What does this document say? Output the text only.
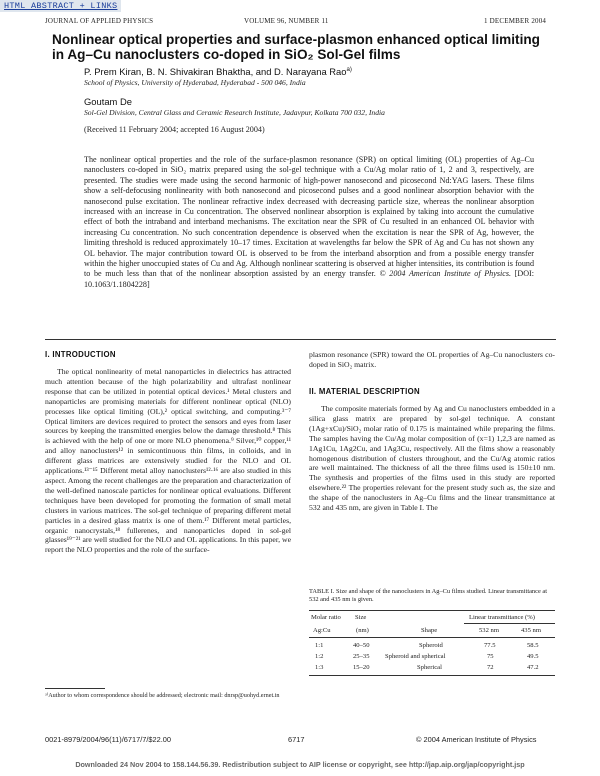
HTML ABSTRACT + LINKS
JOURNAL OF APPLIED PHYSICS	VOLUME 96, NUMBER 11	1 DECEMBER 2004
Nonlinear optical properties and surface-plasmon enhanced optical limiting
in Ag–Cu nanoclusters co-doped in SiO₂ Sol-Gel films
P. Prem Kiran, B. N. Shivakiran Bhaktha, and D. Narayana Rao$^{a)}$
School of Physics, University of Hyderabad, Hyderabad - 500 046, India
Goutam De
Sol-Gel Division, Central Glass and Ceramic Research Institute, Jadavpur, Kolkata 700 032, India
(Received 11 February 2004; accepted 16 August 2004)
The nonlinear optical properties and the role of the surface-plasmon resonance (SPR) on optical limiting (OL) properties of Ag–Cu nanoclusters co-doped in SiO₂ matrix prepared using the sol-gel technique with a Cu/Ag molar ratio of 1, 2 and 3, respectively, are presented. The studies were made using the second harmonic of high-power nanosecond and picosecond Nd:YAG lasers. These films show a self-defocusing nonlinearity with both nanosecond and picosecond pulses and a good nonlinear absorption behavior with the nanosecond pulse excitation. The nonlinear refractive index decreased with decreasing particle size, whereas the nonlinear absorption increased with an increase in Cu concentration. The observed nonlinear absorption is explained by taking into account the cumulative effect of both the intraband and interband mechanisms. The excitation near the SPR of Cu resulted in an enhanced OL behavior with increasing Cu concentration. No such concentration dependence is observed when the excitation is near the SPR of Ag, however, the limiting threshold is reduced approximately 10–17 times. Excitation at wavelengths far below the SPR of Ag and Cu has not shown any OL behavior. The major contribution toward OL is observed to be from the interband absorption and from a possible energy transfer within the higher unoccupied states of Cu and Ag. Although nonlinear scattering is observed at higher intensities, its contribution is found to be much less than that of the nonlinear absorption assisted by an energy transfer. © 2004 American Institute of Physics. [DOI: 10.1063/1.1804228]
I. INTRODUCTION
The optical nonlinearity of metal nanoparticles in dielectrics has attracted much attention because of the high polarizability and ultrafast nonlinear response that can be utilized in potential optical devices.¹ Metal clusters and nanoparticles are promising materials for different nonlinear optical (NLO) processes like optical limiting (OL),² optical switching, and computing.³⁻⁷ Optical limiters are devices required to protect the sensors and eyes from laser sources by keeping the transmitted energies below the damage threshold.⁸ This is achieved with the help of one or more NLO phenomena.⁹ Silver,¹⁰ copper,¹¹ and alloy nanoclusters¹² in semicontinuous thin films, in colloids, and in different glass matrices are extensively studied for the NLO and OL applications.¹³⁻¹⁵ Different metal alloy nanoclusters¹²·¹⁶ are also studied in this aspect. Among the recent challenges are the preparation and characterization of the well-defined nanoscale particles for nonlinear optical evaluations. Different techniques have been developed for promoting the formation of small metal clusters in various matrices. The sol-gel technique of preparing different metal particles in a desired glass matrix is one of them.¹⁷ Different metal particles, organic nanocrystals,¹⁸ fullerenes, and nanoparticles doped in sol-gel glasses¹⁹⁻²¹ are well studied for the NLO and OL applications. In this paper, we report the NLO properties and the role of the surface-
ᵃ⁾Author to whom correspondence should be addressed; electronic mail: dnrsp@uohyd.ernet.in
plasmon resonance (SPR) toward the OL properties of Ag–Cu nanoclusters co-doped in SiO₂ matrix.
II. MATERIAL DESCRIPTION
The composite materials formed by Ag and Cu nanoclusters embedded in a silica glass matrix are prepared by sol-gel technique. A constant (1Ag+xCu)/SiO₂ molar ratio of 0.175 is maintained while preparing the films. The samples having the Cu/Ag molar composition of (x=1) 1,2,3 are named as 1Ag1Cu, 1Ag2Cu, and 1Ag3Cu, respectively. All the films show a reasonably homogenous distribution of clusters throughout, and the Cu/Ag atomic ratios are well maintained. The thickness of all the three films used is 150±10 nm. The synthesis and properties of the films used in this study are reported elsewhere.²² The properties relevant for the present study such as, the size and the shape of the nanoclusters in Ag–Cu films and the linear transmittance at 532 and 435 nm, are given in Table I. The
TABLE I. Size and shape of the nanoclusters in Ag–Cu films studied. Linear transmittance at 532 and 435 nm is given.
Molar ratio Size	Linear transmittance (%)
Ag:Cu	(nm)	Shape	532 nm	435 nm
1:1	40–50	Spheroid	77.5	58.5
1:2	25–35 Spheroid and spherical	75	49.5
1:3	15–20	Spherical	72	47.2
0021-8979/2004/96(11)/6717/7/$22.00	6717	© 2004 American Institute of Physics
Downloaded 24 Nov 2004 to 158.144.56.39. Redistribution subject to AIP license or copyright, see http://jap.aip.org/jap/copyright.jsp
